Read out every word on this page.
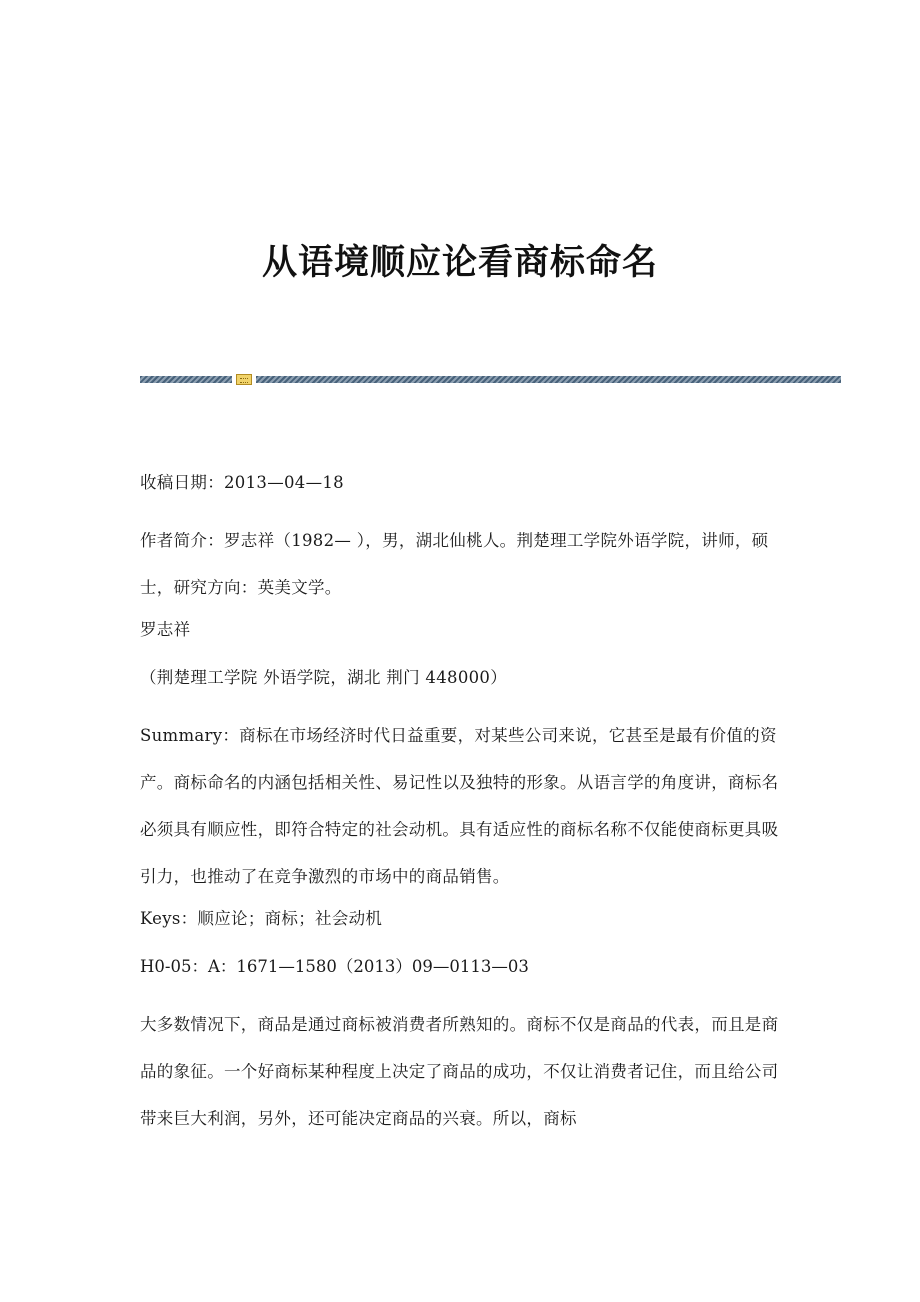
从语境顺应论看商标命名

收稿日期：2013—04—18

作者简介：罗志祥（1982— ），男，湖北仙桃人。荆楚理工学院外语学院，讲师，硕士，研究方向：英美文学。

罗志祥

（荆楚理工学院 外语学院，湖北 荆门 448000）

Summary：商标在市场经济时代日益重要，对某些公司来说，它甚至是最有价值的资产。商标命名的内涵包括相关性、易记性以及独特的形象。从语言学的角度讲，商标名必须具有顺应性，即符合特定的社会动机。具有适应性的商标名称不仅能使商标更具吸引力，也推动了在竞争激烈的市场中的商品销售。

Keys：顺应论；商标；社会动机

H0-05：A：1671—1580（2013）09—0113—03

大多数情况下，商品是通过商标被消费者所熟知的。商标不仅是商品的代表，而且是商品的象征。一个好商标某种程度上决定了商品的成功，不仅让消费者记住，而且给公司带来巨大利润，另外，还可能决定商品的兴衰。所以，商标
